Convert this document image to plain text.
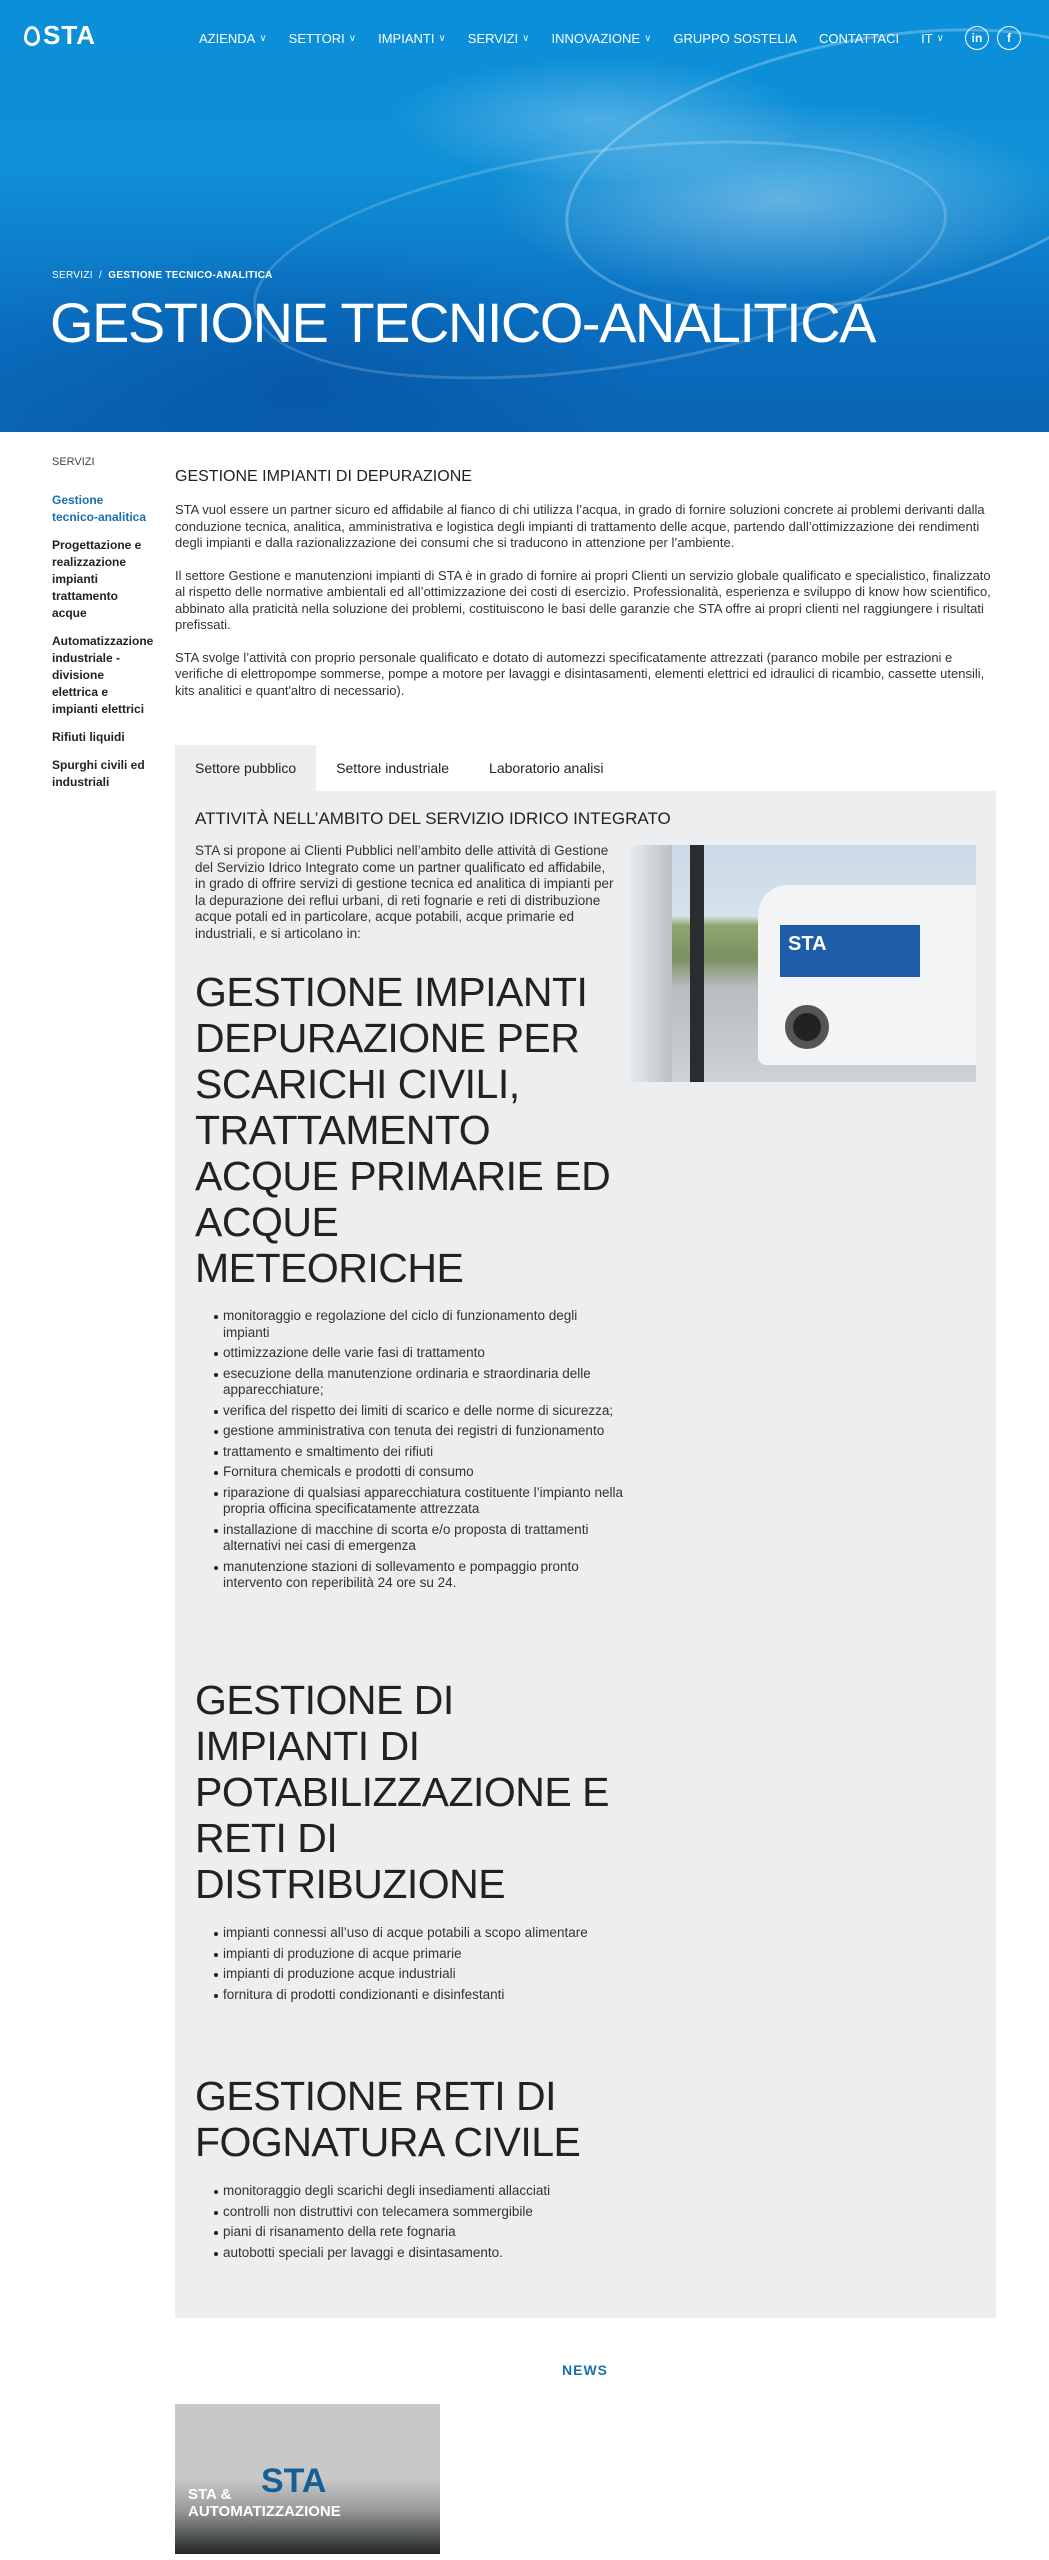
STA	AZIENDA ∨ SETTORI ∨ IMPIANTI ∨ SERVIZI ∨ INNOVAZIONE ∨ GRUPPO SOSTELIA CONTATTACI IT ∨	in	f
SERVIZI  /  GESTIONE TECNICO-ANALITICA
GESTIONE TECNICO-ANALITICA
SERVIZI
Gestione tecnico-analitica
Progettazione e realizzazione impianti trattamento acque
Automatizzazione industriale - divisione elettrica e impianti elettrici
Rifiuti liquidi
Spurghi civili ed industriali
GESTIONE IMPIANTI DI DEPURAZIONE

STA vuol essere un partner sicuro ed affidabile al fianco di chi utilizza l’acqua, in grado di fornire soluzioni concrete ai problemi derivanti dalla conduzione tecnica, analitica, amministrativa e logistica degli impianti di trattamento delle acque, partendo dall’ottimizzazione dei rendimenti degli impianti e dalla razionalizzazione dei consumi che si traducono in attenzione per l’ambiente.

Il settore Gestione e manutenzioni impianti di STA è in grado di fornire ai propri Clienti un servizio globale qualificato e specialistico, finalizzato al rispetto delle normative ambientali ed all’ottimizzazione dei costi di esercizio. Professionalità, esperienza e sviluppo di know how scientifico, abbinato alla praticità nella soluzione dei problemi, costituiscono le basi delle garanzie che STA offre ai propri clienti nel raggiungere i risultati prefissati.

STA svolge l’attività con proprio personale qualificato e dotato di automezzi specificatamente attrezzati (paranco mobile per estrazioni e verifiche di elettropompe sommerse, pompe a motore per lavaggi e disintasamenti, elementi elettrici ed idraulici di ricambio, cassette utensili, kits analitici e quant'altro di necessario).

Settore pubblico	Settore industriale	Laboratorio analisi
ATTIVITÀ NELL’AMBITO DEL SERVIZIO IDRICO INTEGRATO
STA si propone ai Clienti Pubblici nell’ambito delle attività di Gestione del Servizio Idrico Integrato come un partner qualificato ed affidabile, in grado di offrire servizi di gestione tecnica ed analitica di impianti per la depurazione dei reflui urbani, di reti fognarie e reti di distribuzione acque potali ed in particolare, acque potabili, acque primarie ed industriali, e si articolano in:	STA
GESTIONE IMPIANTI DEPURAZIONE PER SCARICHI CIVILI, TRATTAMENTO ACQUE PRIMARIE ED ACQUE METEORICHE
monitoraggio e regolazione del ciclo di funzionamento degli impianti
ottimizzazione delle varie fasi di trattamento
esecuzione della manutenzione ordinaria e straordinaria delle apparecchiature;
verifica del rispetto dei limiti di scarico e delle norme di sicurezza;
gestione amministrativa con tenuta dei registri di funzionamento
trattamento e smaltimento dei rifiuti
Fornitura chemicals e prodotti di consumo
riparazione di qualsiasi apparecchiatura costituente l’impianto nella propria officina specificatamente attrezzata
installazione di macchine di scorta e/o proposta di trattamenti alternativi nei casi di emergenza
manutenzione stazioni di sollevamento e pompaggio pronto intervento con reperibilità 24 ore su 24.
GESTIONE DI IMPIANTI DI POTABILIZZAZIONE E RETI DI DISTRIBUZIONE
impianti connessi all’uso di acque potabili a scopo alimentare
impianti di produzione di acque primarie
impianti di produzione acque industriali
fornitura di prodotti condizionanti e disinfestanti
GESTIONE RETI DI FOGNATURA CIVILE
monitoraggio degli scarichi degli insediamenti allacciati
controlli non distruttivi con telecamera sommergibile
piani di risanamento della rete fognaria
autobotti speciali per lavaggi e disintasamento.
NEWS
STA
STA & AUTOMATIZZAZIONE
